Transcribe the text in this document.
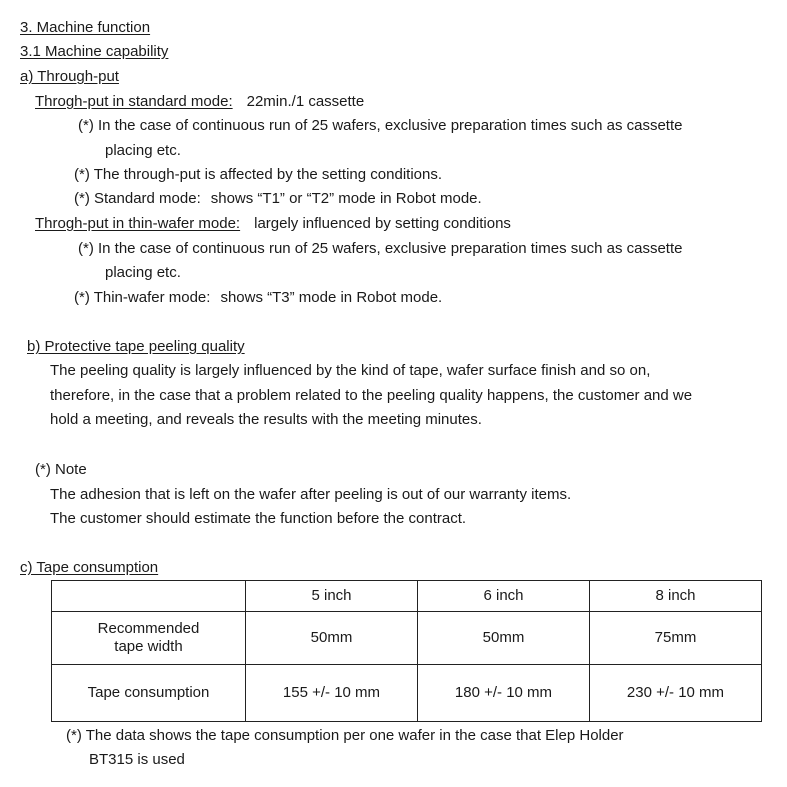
3. Machine function
3.1 Machine capability
a) Through-put
Throgh-put in standard mode: 22min./1 cassette
(*) In the case of continuous run of 25 wafers, exclusive preparation times such as cassette
placing etc.
(*) The through-put is affected by the setting conditions.
(*) Standard mode: shows “T1” or “T2” mode in Robot mode.
Throgh-put in thin-wafer mode: largely influenced by setting conditions
(*) In the case of continuous run of 25 wafers, exclusive preparation times such as cassette
placing etc.
(*) Thin-wafer mode: shows “T3” mode in Robot mode.
b) Protective tape peeling quality
The peeling quality is largely influenced by the kind of tape, wafer surface finish and so on,
therefore, in the case that a problem related to the peeling quality happens, the customer and we
hold a meeting, and reveals the results with the meeting minutes.
(*) Note
The adhesion that is left on the wafer after peeling is out of our warranty items.
The customer should estimate the function before the contract.
c) Tape consumption
	5 inch	6 inch	8 inch
Recommended
tape width	50mm	50mm	75mm
Tape consumption	155 +/- 10 mm	180 +/- 10 mm	230 +/- 10 mm
(*) The data shows the tape consumption per one wafer in the case that Elep Holder
BT315 is used
